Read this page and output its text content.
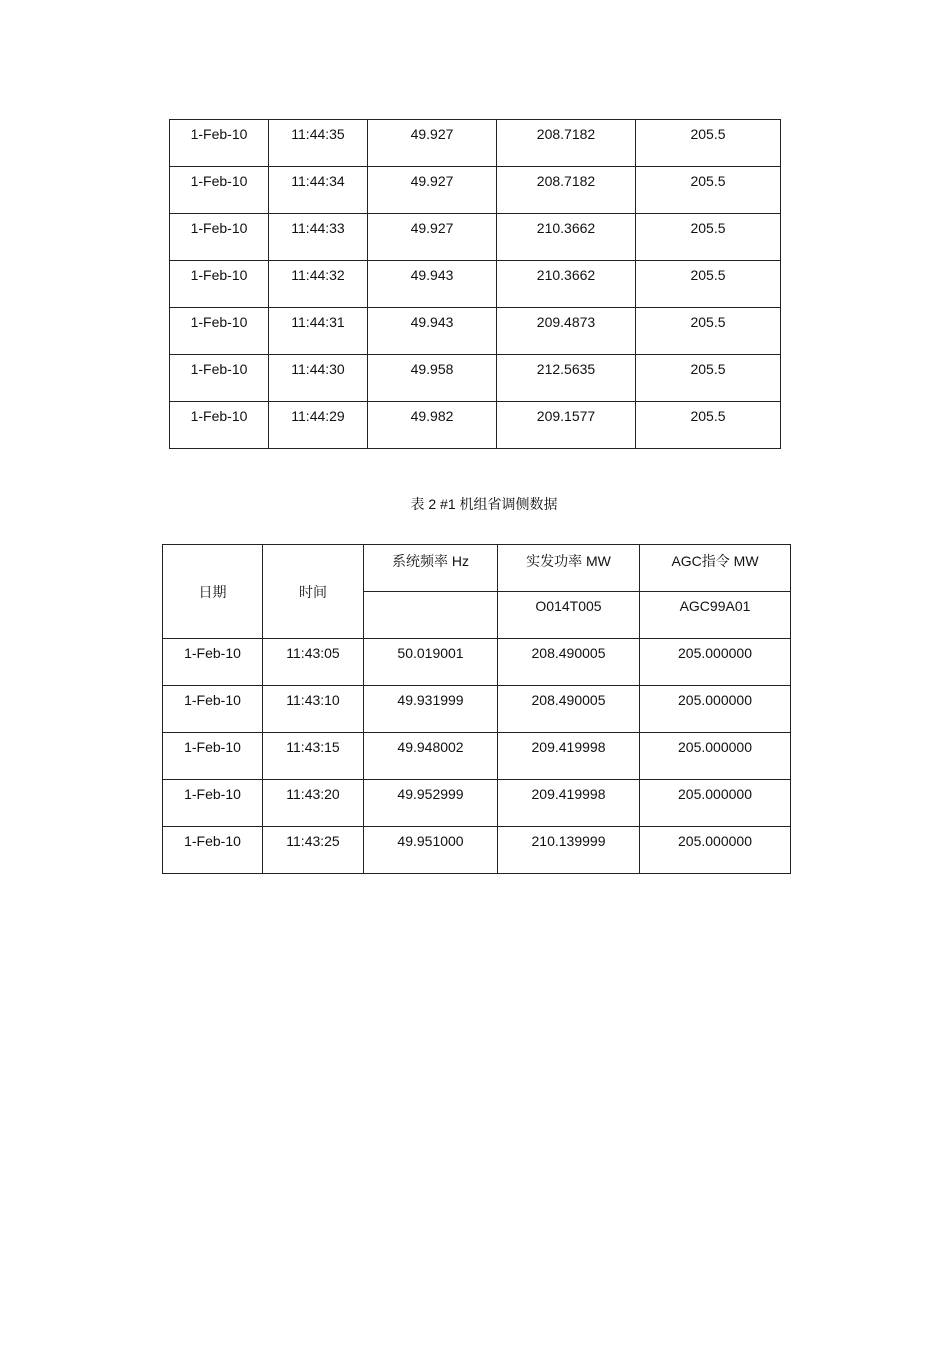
1-Feb-10	11:44:35	49.927	208.7182	205.5

1-Feb-10	11:44:34	49.927	208.7182	205.5

1-Feb-10	11:44:33	49.927	210.3662	205.5

1-Feb-10	11:44:32	49.943	210.3662	205.5

1-Feb-10	11:44:31	49.943	209.4873	205.5

1-Feb-10	11:44:30	49.958	212.5635	205.5

1-Feb-10	11:44:29	49.982	209.1577	205.5
表 2 #1 机组省调侧数据
日期	时间	系统频率 Hz	实发功率 MW	AGC指令 MW

			O014T005	AGC99A01

1-Feb-10	11:43:05	50.019001	208.490005	205.000000

1-Feb-10	11:43:10	49.931999	208.490005	205.000000

1-Feb-10	11:43:15	49.948002	209.419998	205.000000

1-Feb-10	11:43:20	49.952999	209.419998	205.000000

1-Feb-10	11:43:25	49.951000	210.139999	205.000000
